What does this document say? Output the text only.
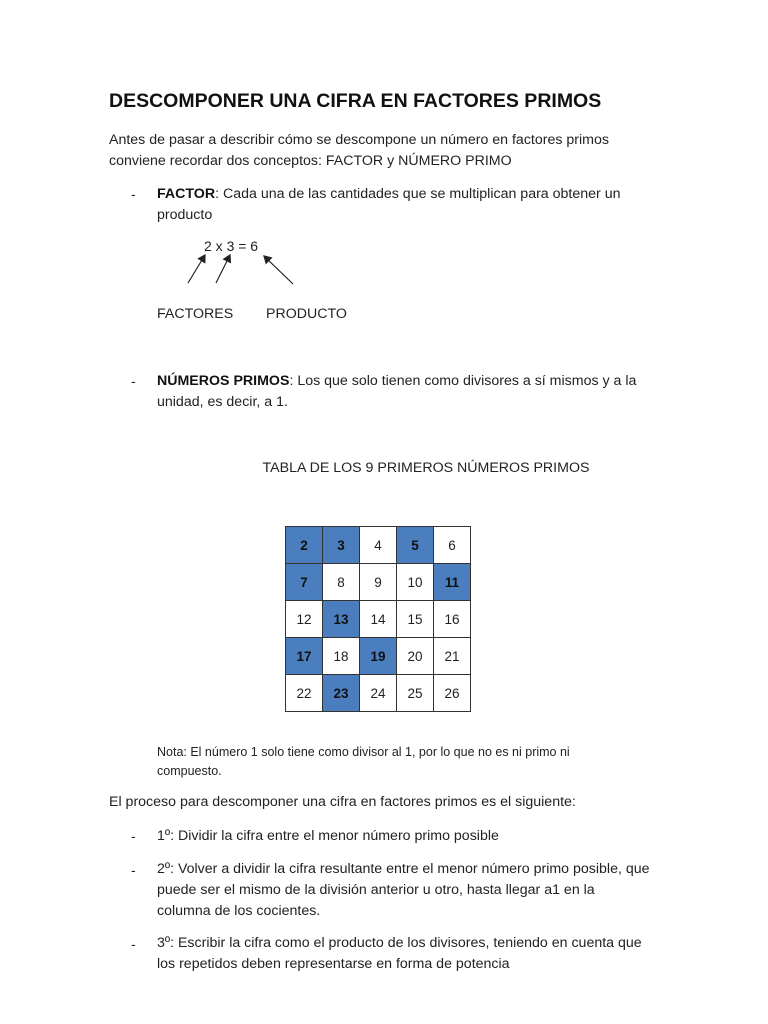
DESCOMPONER UNA CIFRA EN FACTORES PRIMOS
Antes de pasar a describir cómo se descompone un número en factores primos
conviene recordar dos conceptos: FACTOR y NÚMERO PRIMO
- FACTOR: Cada una de las cantidades que se multiplican para obtener un
producto
2 x 3 = 6
FACTORES PRODUCTO
- NÚMEROS PRIMOS: Los que solo tienen como divisores a sí mismos y a la
unidad, es decir, a 1.
TABLA DE LOS 9 PRIMEROS NÚMEROS PRIMOS
2	3	4	5	6
7	8	9	10	11
12	13	14	15	16
17	18	19	20	21
22	23	24	25	26
Nota: El número 1 solo tiene como divisor al 1, por lo que no es ni primo ni
compuesto.
El proceso para descomponer una cifra en factores primos es el siguiente:
- 1º: Dividir la cifra entre el menor número primo posible
- 2º: Volver a dividir la cifra resultante entre el menor número primo posible, que
puede ser el mismo de la división anterior u otro, hasta llegar a1 en la
columna de los cocientes.
- 3º: Escribir la cifra como el producto de los divisores, teniendo en cuenta que
los repetidos deben representarse en forma de potencia
